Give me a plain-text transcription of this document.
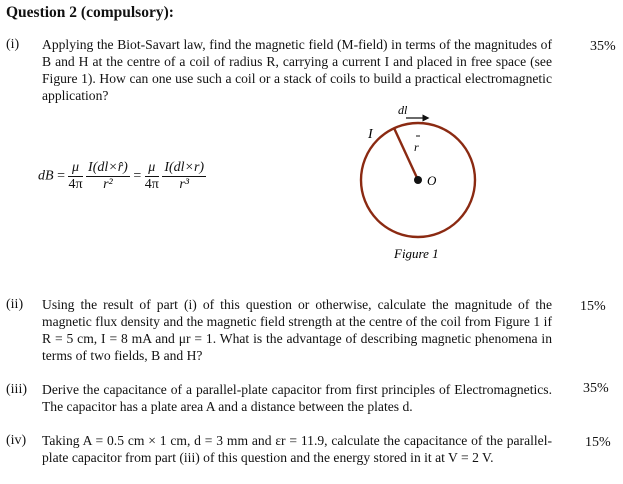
Question 2 (compulsory):
(i) Applying the Biot-Savart law, find the magnetic field (M-field) in terms of the magnitudes of B and H at the centre of a coil of radius R, carrying a current I and placed in free space (see Figure 1). How can one use such a coil or a stack of coils to build a practical electromagnetic application?
35%
dB = $\frac{\mu}{4\pi}$
$\frac{I(dl\times r̂)}{\text{r²}} = \frac{\mu}{4\pi}$
$\frac{I(dl\times r)}{\text{r³}}$
dl
I
r
O
Figure 1
(ii) Using the result of part (i) of this question or otherwise, calculate the magnitude of the magnetic flux density and the magnetic field strength at the centre of the coil from Figure 1 if R = 5 cm, I = 8 mA and μr = 1. What is the advantage of describing magnetic phenomena in terms of two fields, B and H?
15%
(iii) Derive the capacitance of a parallel-plate capacitor from first principles of Electromagnetics. The capacitor has a plate area A and a distance between the plates d.
35%
(iv) Taking A = 0.5 cm × 1 cm, d = 3 mm and εr = 11.9, calculate the capacitance of the parallel-plate capacitor from part (iii) of this question and the energy stored in it at V = 2 V.
15%
